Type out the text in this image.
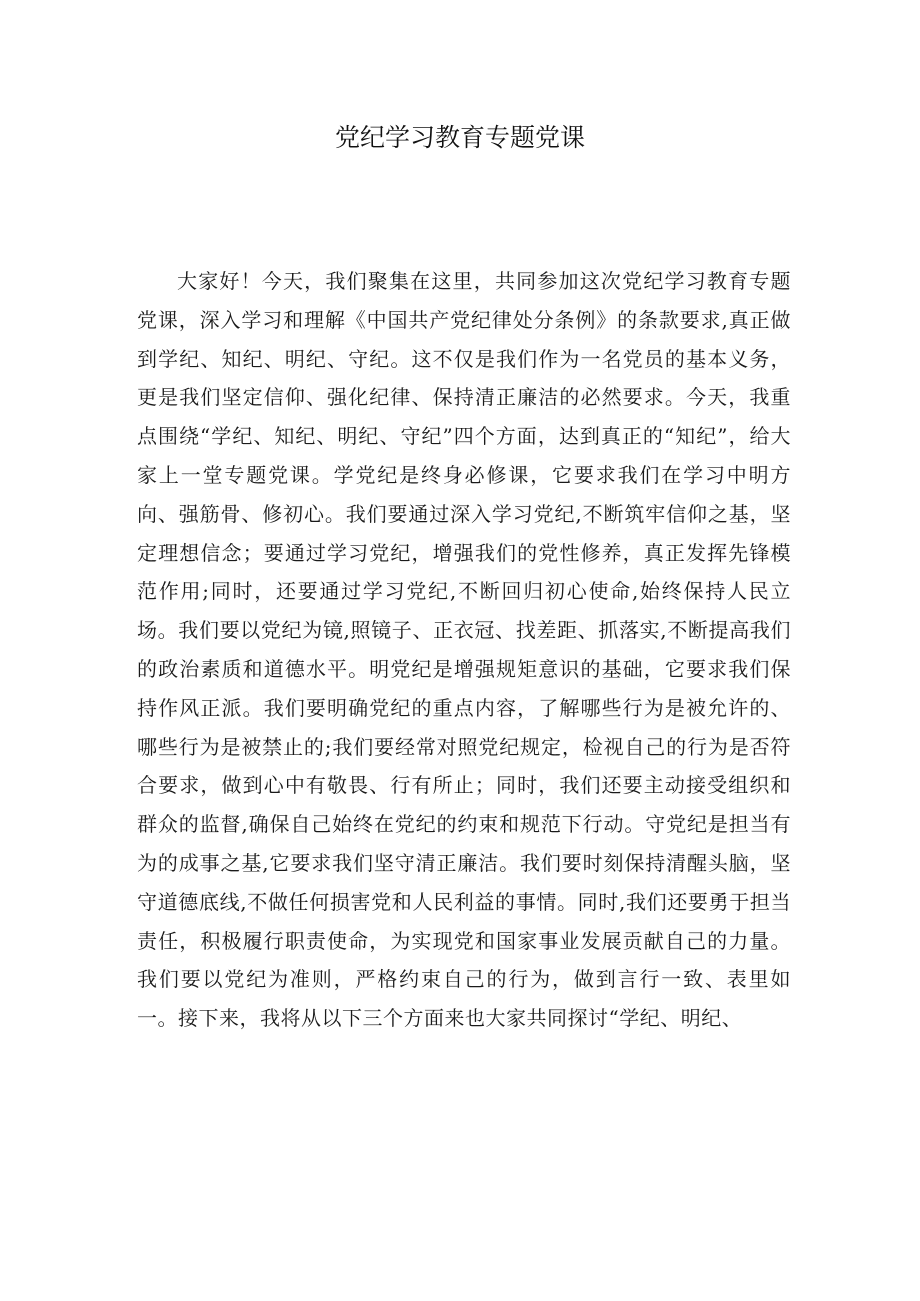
党纪学习教育专题党课

大家好！今天，我们聚集在这里，共同参加这次党纪学习教育专题党课，深入学习和理解《中国共产党纪律处分条例》的条款要求,真正做到学纪、知纪、明纪、守纪。这不仅是我们作为一名党员的基本义务，更是我们坚定信仰、强化纪律、保持清正廉洁的必然要求。今天，我重点围绕“学纪、知纪、明纪、守纪”四个方面，达到真正的“知纪”，给大家上一堂专题党课。学党纪是终身必修课，它要求我们在学习中明方向、强筋骨、修初心。我们要通过深入学习党纪,不断筑牢信仰之基，坚定理想信念；要通过学习党纪，增强我们的党性修养，真正发挥先锋模范作用;同时，还要通过学习党纪,不断回归初心使命,始终保持人民立场。我们要以党纪为镜,照镜子、正衣冠、找差距、抓落实,不断提高我们的政治素质和道德水平。明党纪是增强规矩意识的基础，它要求我们保持作风正派。我们要明确党纪的重点内容，了解哪些行为是被允许的、哪些行为是被禁止的;我们要经常对照党纪规定，检视自己的行为是否符合要求，做到心中有敬畏、行有所止；同时，我们还要主动接受组织和群众的监督,确保自己始终在党纪的约束和规范下行动。守党纪是担当有为的成事之基,它要求我们坚守清正廉洁。我们要时刻保持清醒头脑，坚守道德底线,不做任何损害党和人民利益的事情。同时,我们还要勇于担当责任，积极履行职责使命，为实现党和国家事业发展贡献自己的力量。我们要以党纪为准则，严格约束自己的行为，做到言行一致、表里如一。接下来，我将从以下三个方面来也大家共同探讨“学纪、明纪、
